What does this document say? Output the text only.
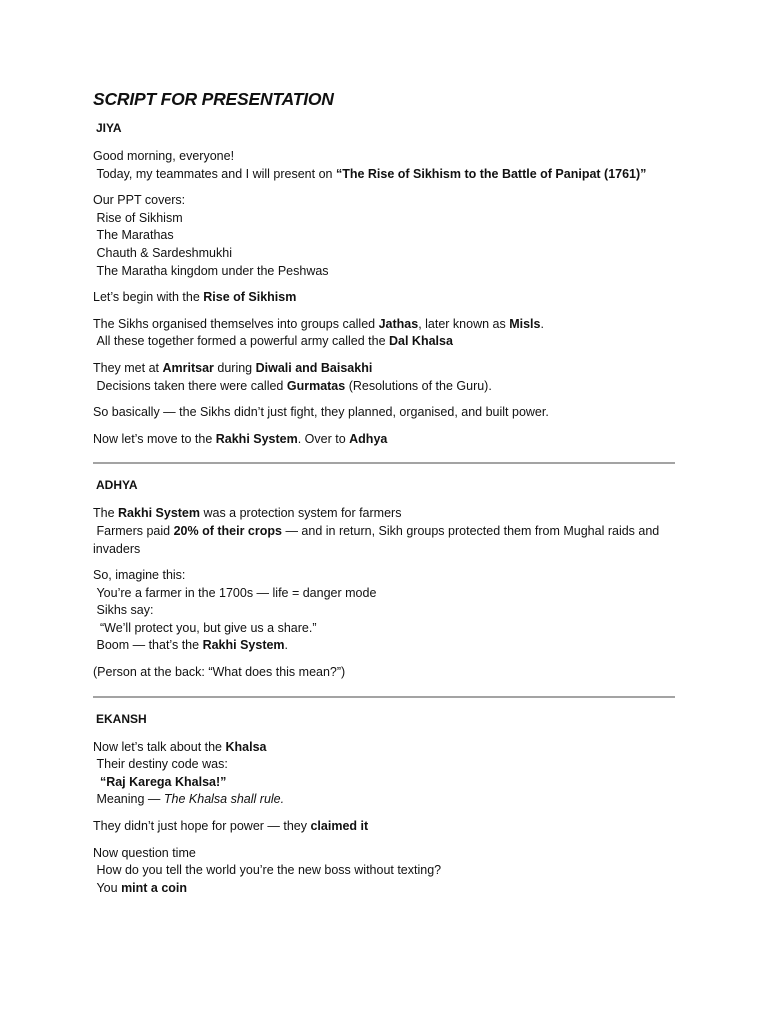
SCRIPT FOR PRESENTATION

JIYA

Good morning, everyone!
Today, my teammates and I will present on “The Rise of Sikhism to the Battle of Panipat (1761)”

Our PPT covers:
Rise of Sikhism
The Marathas
Chauth & Sardeshmukhi
The Maratha kingdom under the Peshwas

Let’s begin with the Rise of Sikhism

The Sikhs organised themselves into groups called Jathas, later known as Misls.
All these together formed a powerful army called the Dal Khalsa

They met at Amritsar during Diwali and Baisakhi
Decisions taken there were called Gurmatas (Resolutions of the Guru).

So basically — the Sikhs didn’t just fight, they planned, organised, and built power.

Now let’s move to the Rakhi System. Over to Adhya

ADHYA

The Rakhi System was a protection system for farmers
Farmers paid 20% of their crops — and in return, Sikh groups protected them from Mughal raids and invaders

So, imagine this:
You’re a farmer in the 1700s — life = danger mode
Sikhs say:
“We’ll protect you, but give us a share.”
Boom — that’s the Rakhi System.

(Person at the back: “What does this mean?”)

EKANSH

Now let’s talk about the Khalsa
Their destiny code was:
“Raj Karega Khalsa!”
Meaning — The Khalsa shall rule.

They didn’t just hope for power — they claimed it

Now question time
How do you tell the world you’re the new boss without texting?
You mint a coin
